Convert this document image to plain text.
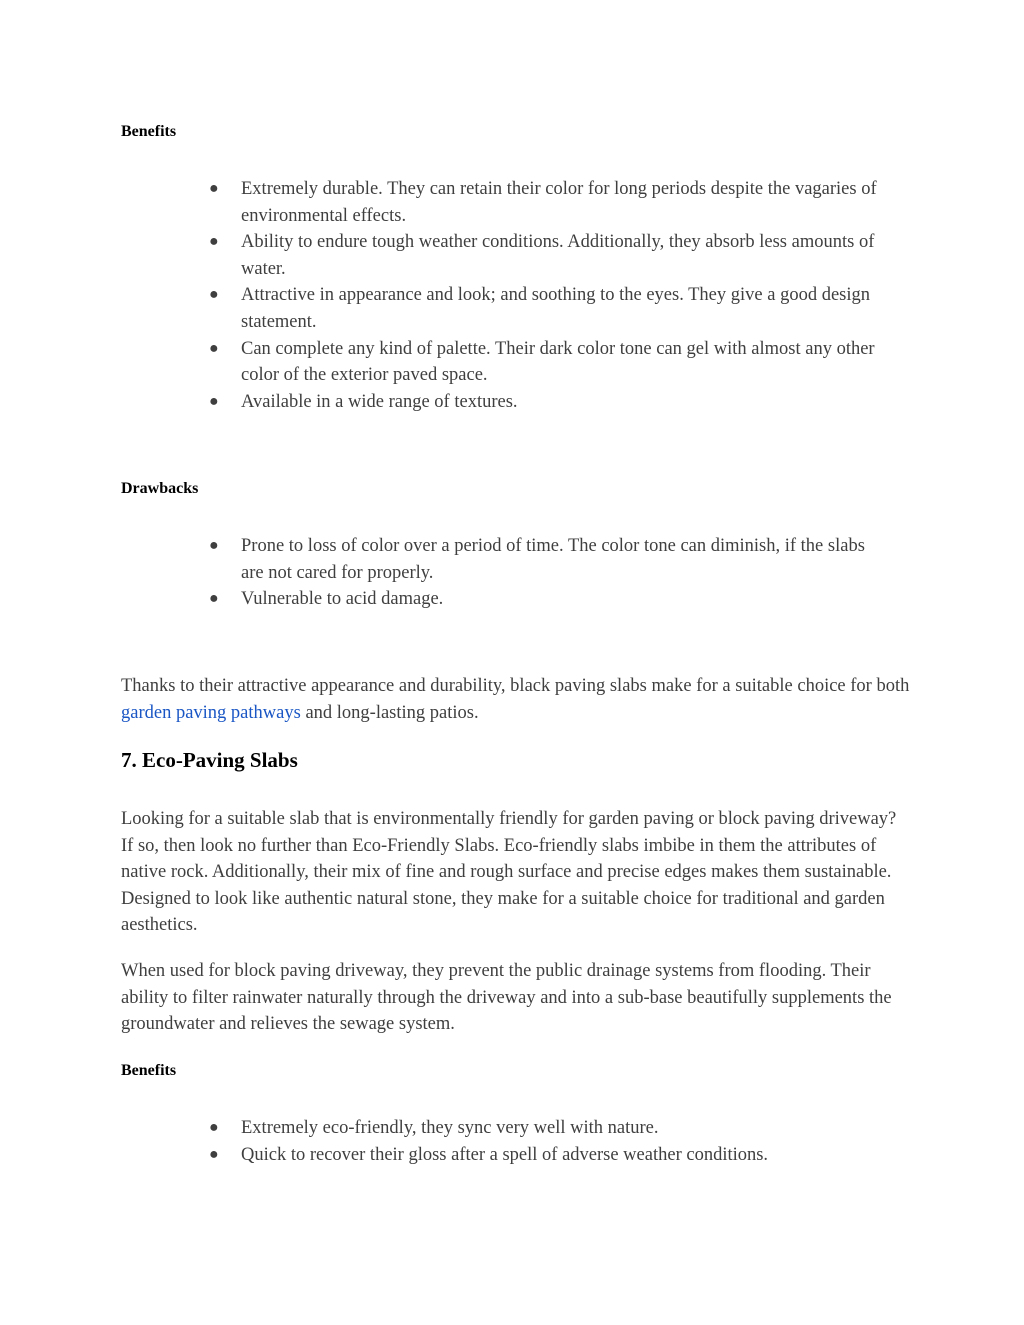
Benefits
● Extremely durable. They can retain their color for long periods despite the vagaries of environmental effects.
● Ability to endure tough weather conditions. Additionally, they absorb less amounts of water.
● Attractive in appearance and look; and soothing to the eyes. They give a good design statement.
● Can complete any kind of palette. Their dark color tone can gel with almost any other color of the exterior paved space.
● Available in a wide range of textures.
Drawbacks
● Prone to loss of color over a period of time. The color tone can diminish, if the slabs are not cared for properly.
● Vulnerable to acid damage.

Thanks to their attractive appearance and durability, black paving slabs make for a suitable choice for both garden paving pathways and long-lasting patios.

7. Eco-Paving Slabs

Looking for a suitable slab that is environmentally friendly for garden paving or block paving driveway? If so, then look no further than Eco-Friendly Slabs. Eco-friendly slabs imbibe in them the attributes of native rock. Additionally, their mix of fine and rough surface and precise edges makes them sustainable. Designed to look like authentic natural stone, they make for a suitable choice for traditional and garden aesthetics.

When used for block paving driveway, they prevent the public drainage systems from flooding. Their ability to filter rainwater naturally through the driveway and into a sub-base beautifully supplements the groundwater and relieves the sewage system.

Benefits
● Extremely eco-friendly, they sync very well with nature.
● Quick to recover their gloss after a spell of adverse weather conditions.
